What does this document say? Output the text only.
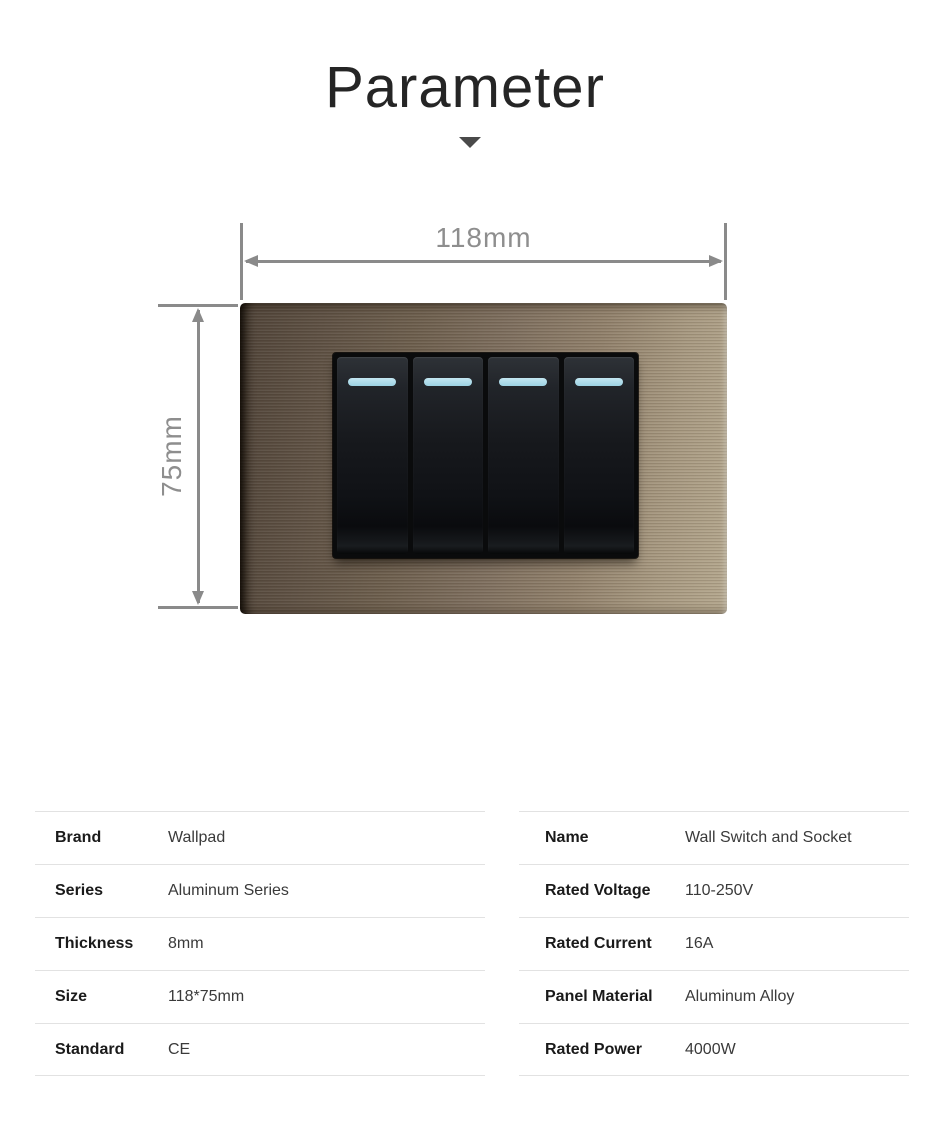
Parameter
118mm
75mm
Brand	Wallpad
Series	Aluminum Series
Thickness	8mm
Size	118*75mm
Standard	CE
Name	Wall Switch and Socket
Rated Voltage	110-250V
Rated Current	16A
Panel Material	Aluminum Alloy
Rated Power	4000W
